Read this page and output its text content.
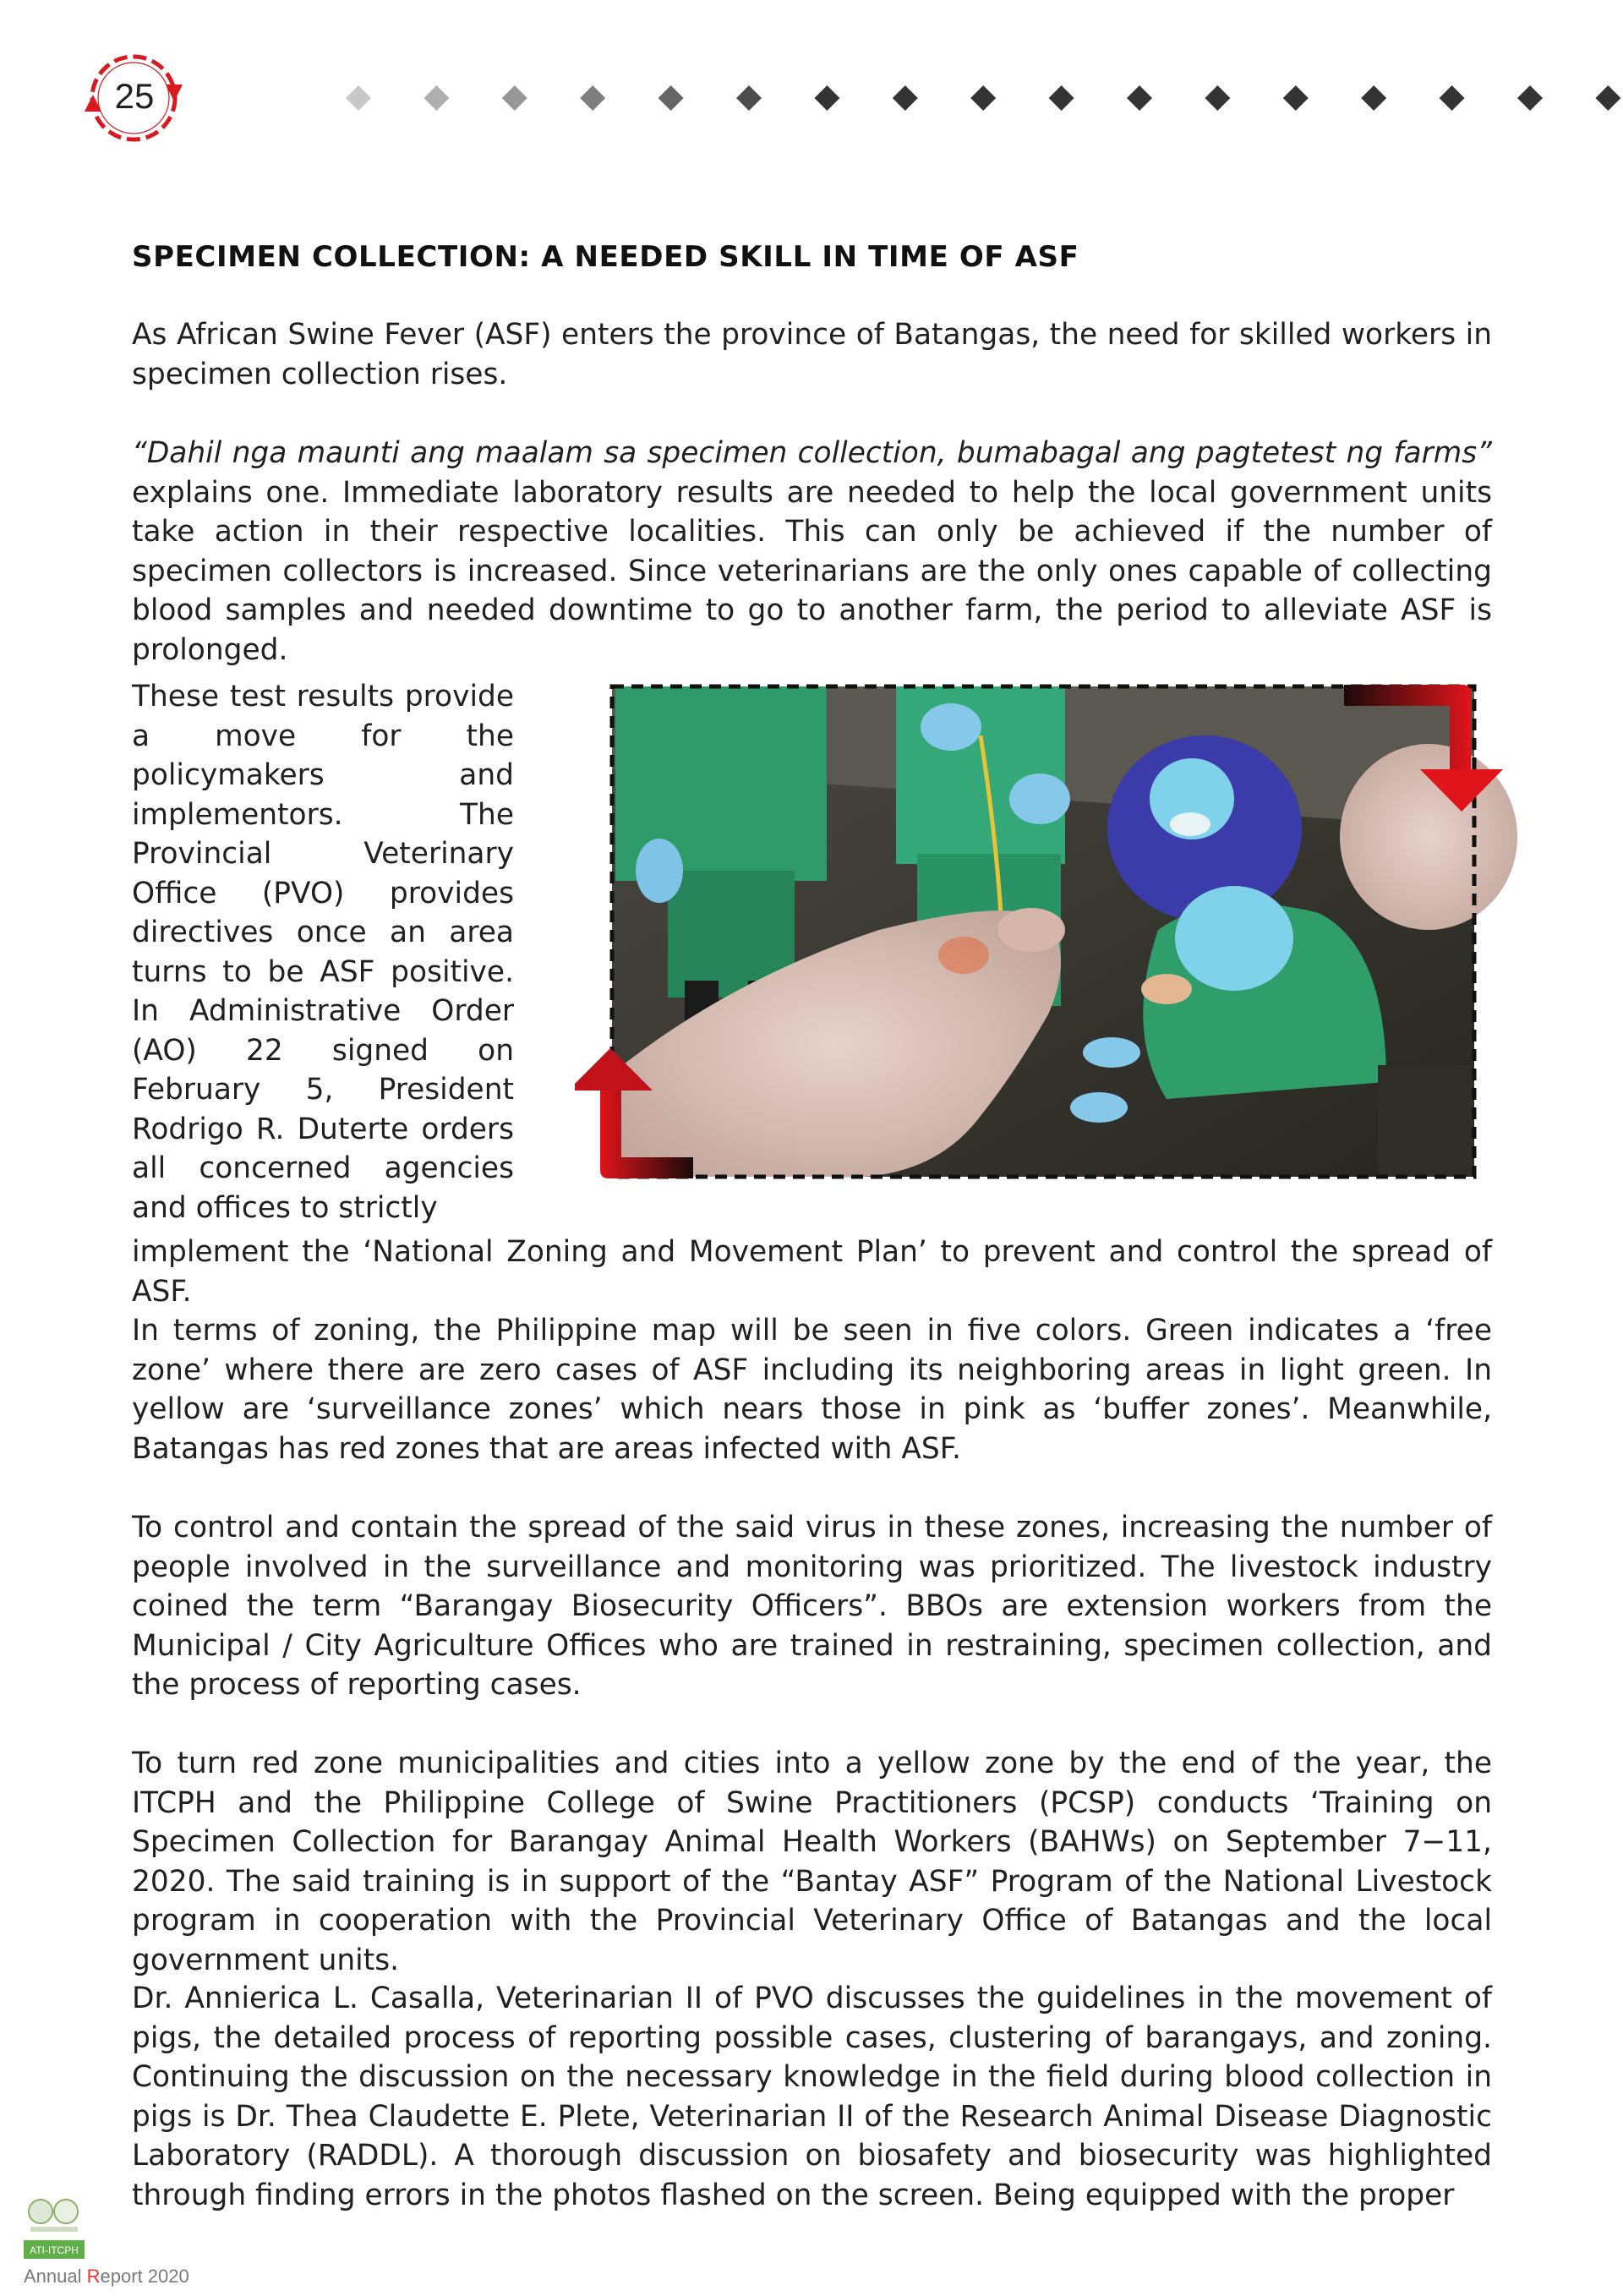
25
SPECIMEN COLLECTION: A NEEDED SKILL IN TIME OF ASF

As African Swine Fever (ASF) enters the province of Batangas, the need for skilled workers in specimen collection rises.

“Dahil nga maunti ang maalam sa specimen collection, bumabagal ang pagtetest ng farms” explains one. Immediate laboratory results are needed to help the local government units take action in their respective localities. This can only be achieved if the number of specimen collectors is increased. Since veterinarians are the only ones capable of collecting blood samples and needed downtime to go to another farm, the period to alleviate ASF is prolonged.

These test results provide a move for the policymakers and implementors. The Provincial Veterinary Office (PVO) provides directives once an area turns to be ASF positive. In Administrative Order (AO) 22 signed on February 5, President Rodrigo R. Duterte orders all concerned agencies and offices to strictly

implement the ‘National Zoning and Movement Plan’ to prevent and control the spread of ASF.

In terms of zoning, the Philippine map will be seen in five colors. Green indicates a ‘free zone’ where there are zero cases of ASF including its neighboring areas in light green. In yellow are ‘surveillance zones’ which nears those in pink as ‘buffer zones’. Meanwhile, Batangas has red zones that are areas infected with ASF.

To control and contain the spread of the said virus in these zones, increasing the number of people involved in the surveillance and monitoring was prioritized. The livestock industry coined the term “Barangay Biosecurity Officers”. BBOs are extension workers from the Municipal / City Agriculture Offices who are trained in restraining, specimen collection, and the process of reporting cases.

To turn red zone municipalities and cities into a yellow zone by the end of the year, the ITCPH and the Philippine College of Swine Practitioners (PCSP) conducts ‘Training on Specimen Collection for Barangay Animal Health Workers (BAHWs) on September 7−11, 2020. The said training is in support of the “Bantay ASF” Program of the National Livestock program in cooperation with the Provincial Veterinary Office of Batangas and the local government units.

Dr. Annierica L. Casalla, Veterinarian II of PVO discusses the guidelines in the movement of pigs, the detailed process of reporting possible cases, clustering of barangays, and zoning. Continuing the discussion on the necessary knowledge in the field during blood collection in pigs is Dr. Thea Claudette E. Plete, Veterinarian II of the Research Animal Disease Diagnostic Laboratory (RADDL). A thorough discussion on biosafety and biosecurity was highlighted through finding errors in the photos flashed on the screen. Being equipped with the proper

ATI-ITCPH
Annual Report 2020
